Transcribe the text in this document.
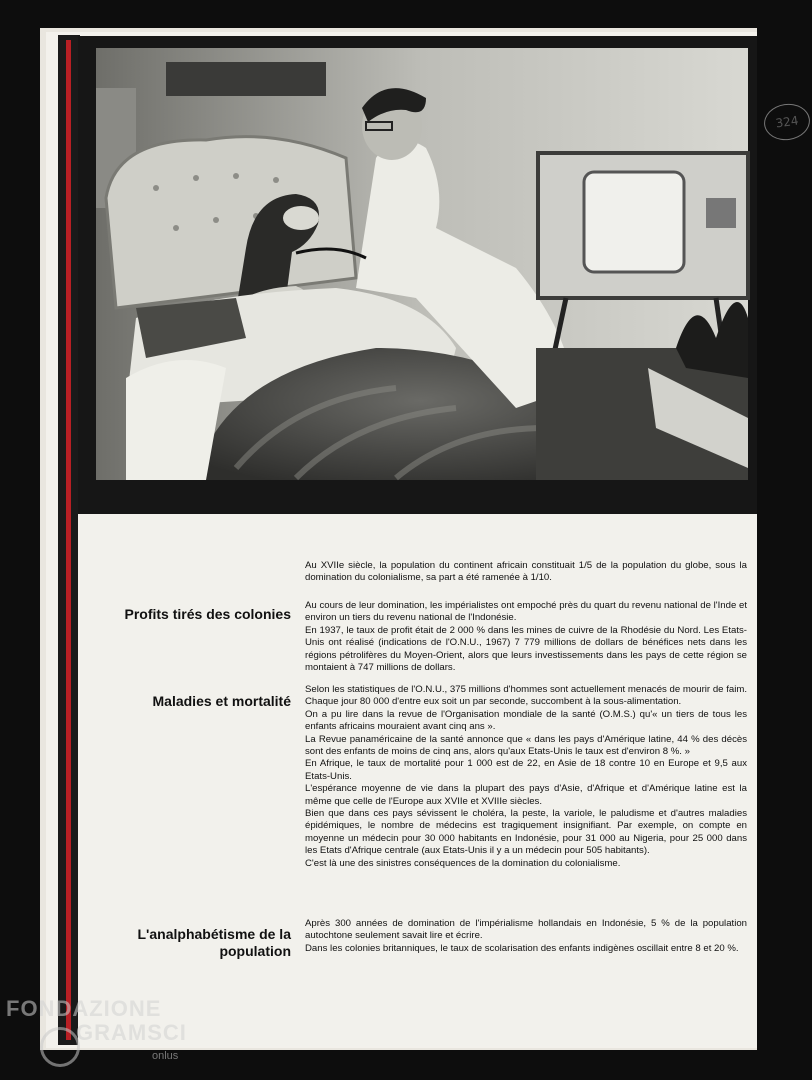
324
Au XVIIe siècle, la population du continent africain constituait 1/5 de la population du globe, sous la domination du colonialisme, sa part a été ramenée à 1/10.
Profits tirés des colonies

Au cours de leur domination, les impérialistes ont empoché près du quart du revenu national de l'Inde et environ un tiers du revenu national de l'Indonésie.

En 1937, le taux de profit était de 2 000 % dans les mines de cuivre de la Rhodésie du Nord. Les Etats-Unis ont réalisé (indications de l'O.N.U., 1967) 7 779 millions de dollars de bénéfices nets dans les régions pétrolifères du Moyen-Orient, alors que leurs investissements dans les pays de cette région se montaient à 747 millions de dollars.

Maladies et mortalité

Selon les statistiques de l'O.N.U., 375 millions d'hommes sont actuellement menacés de mourir de faim. Chaque jour 80 000 d'entre eux soit un par seconde, succombent à la sous-alimentation.

On a pu lire dans la revue de l'Organisation mondiale de la santé (O.M.S.) qu'« un tiers de tous les enfants africains mouraient avant cinq ans ».

La Revue panaméricaine de la santé annonce que « dans les pays d'Amérique latine, 44 % des décès sont des enfants de moins de cinq ans, alors qu'aux Etats-Unis le taux est d'environ 8 %. »

En Afrique, le taux de mortalité pour 1 000 est de 22, en Asie de 18 contre 10 en Europe et 9,5 aux Etats-Unis.

L'espérance moyenne de vie dans la plupart des pays d'Asie, d'Afrique et d'Amérique latine est la même que celle de l'Europe aux XVIIe et XVIIIe siècles.

Bien que dans ces pays sévissent le choléra, la peste, la variole, le paludisme et d'autres maladies épidémiques, le nombre de médecins est tragiquement insignifiant. Par exemple, on compte en moyenne un médecin pour 30 000 habitants en Indonésie, pour 31 000 au Nigeria, pour 25 000 dans les Etats d'Afrique centrale (aux Etats-Unis il y a un médecin pour 505 habitants).

C'est là une des sinistres conséquences de la domination du colonialisme.

L'analphabétisme de la population

Après 300 années de domination de l'impérialisme hollandais en Indonésie, 5 % de la population autochtone seulement savait lire et écrire.

Dans les colonies britanniques, le taux de scolarisation des enfants indigènes oscillait entre 8 et 20 %.

FONDAZIONE
GRAMSCI
onlus
